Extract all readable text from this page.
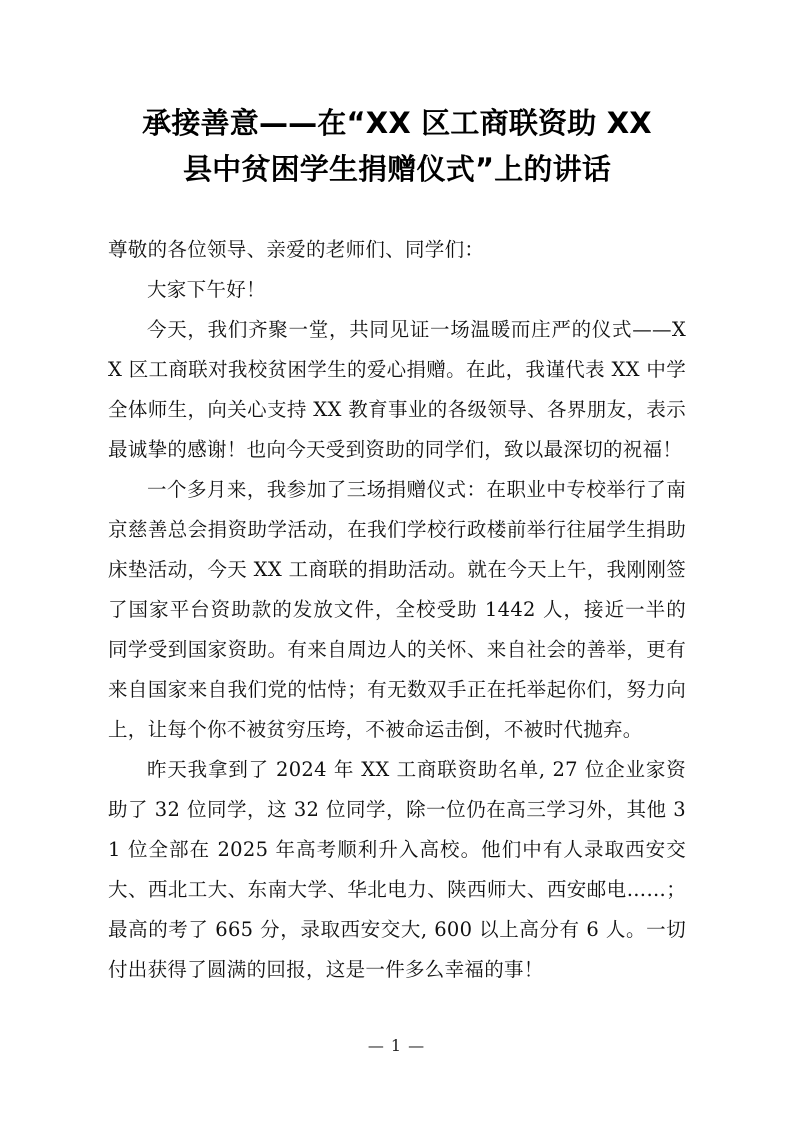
承接善意——在“XX 区工商联资助 XX
县中贫困学生捐赠仪式”上的讲话

尊敬的各位领导、亲爱的老师们、同学们：

大家下午好！

今天，我们齐聚一堂，共同见证一场温暖而庄严的仪式——XX 区工商联对我校贫困学生的爱心捐赠。在此，我谨代表 XX 中学全体师生，向关心支持 XX 教育事业的各级领导、各界朋友，表示最诚挚的感谢！也向今天受到资助的同学们，致以最深切的祝福！

一个多月来，我参加了三场捐赠仪式：在职业中专校举行了南京慈善总会捐资助学活动，在我们学校行政楼前举行往届学生捐助床垫活动，今天 XX 工商联的捐助活动。就在今天上午，我刚刚签了国家平台资助款的发放文件，全校受助 1442 人，接近一半的同学受到国家资助。有来自周边人的关怀、来自社会的善举，更有来自国家来自我们党的怙恃；有无数双手正在托举起你们，努力向上，让每个你不被贫穷压垮，不被命运击倒，不被时代抛弃。

昨天我拿到了 2024 年 XX 工商联资助名单, 27 位企业家资助了 32 位同学，这 32 位同学，除一位仍在高三学习外，其他 31 位全部在 2025 年高考顺利升入高校。他们中有人录取西安交大、西北工大、东南大学、华北电力、陕西师大、西安邮电……；最高的考了 665 分，录取西安交大, 600 以上高分有 6 人。一切付出获得了圆满的回报，这是一件多么幸福的事！

— 1 —
